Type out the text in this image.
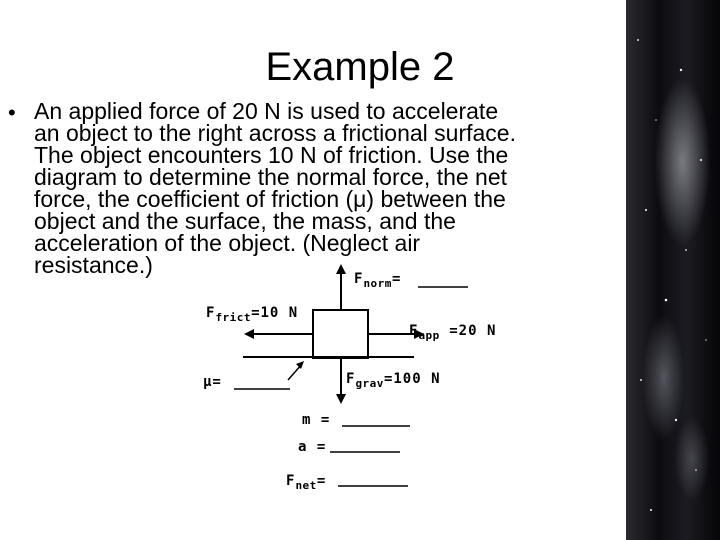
Example 2
• An applied force of 20 N is used to accelerate
an object to the right across a frictional surface.
The object encounters 10 N of friction. Use the
diagram to determine the normal force, the net
force, the coefficient of friction (μ) between the
object and the surface, the mass, and the
acceleration of the object. (Neglect air
resistance.)
$F_{norm}=$
$F_{frict}=10$ N
$F_{app} =20$ N
$F_{grav}=100$ N
μ=
m =
a =
$F_{net}=$
